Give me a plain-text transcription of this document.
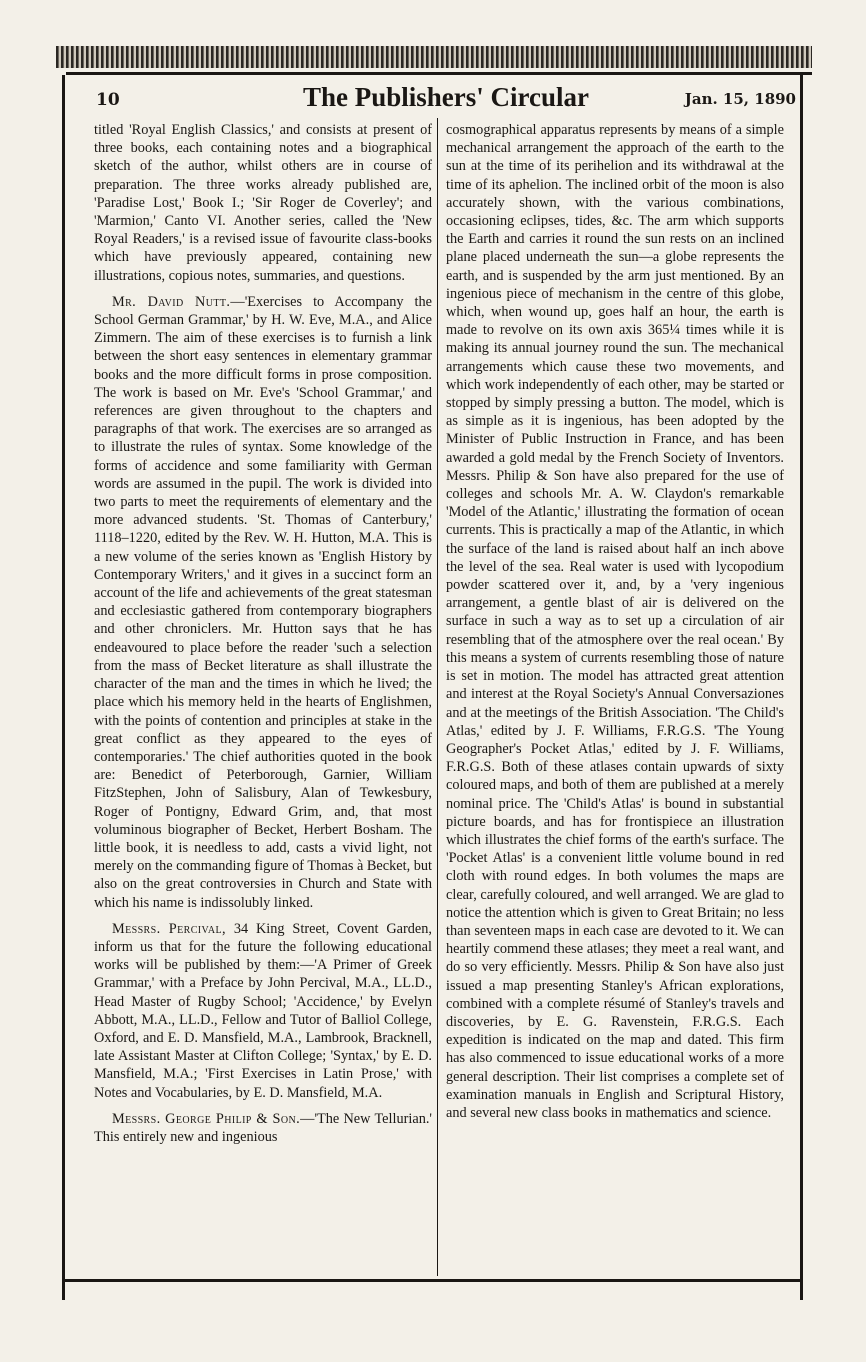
10	The Publishers' Circular	Jan. 15, 1890

titled 'Royal English Classics,' and consists at present of three books, each containing notes and a biographical sketch of the author, whilst others are in course of preparation. The three works already published are, 'Paradise Lost,' Book I.; 'Sir Roger de Coverley'; and 'Marmion,' Canto VI. Another series, called the 'New Royal Readers,' is a revised issue of favourite class-books which have previously appeared, containing new illustrations, copious notes, summaries, and questions.

Mr. David Nutt.—'Exercises to Accompany the School German Grammar,' by H. W. Eve, M.A., and Alice Zimmern. The aim of these exercises is to furnish a link between the short easy sentences in elementary grammar books and the more difficult forms in prose composition. The work is based on Mr. Eve's 'School Grammar,' and references are given throughout to the chapters and paragraphs of that work. The exercises are so arranged as to illustrate the rules of syntax. Some knowledge of the forms of accidence and some familiarity with German words are assumed in the pupil. The work is divided into two parts to meet the requirements of elementary and the more advanced students. 'St. Thomas of Canterbury,' 1118–1220, edited by the Rev. W. H. Hutton, M.A. This is a new volume of the series known as 'English History by Contemporary Writers,' and it gives in a succinct form an account of the life and achievements of the great statesman and ecclesiastic gathered from contemporary biographers and other chroniclers. Mr. Hutton says that he has endeavoured to place before the reader 'such a selection from the mass of Becket literature as shall illustrate the character of the man and the times in which he lived; the place which his memory held in the hearts of Englishmen, with the points of contention and principles at stake in the great conflict as they appeared to the eyes of contemporaries.' The chief authorities quoted in the book are: Benedict of Peterborough, Garnier, William FitzStephen, John of Salisbury, Alan of Tewkesbury, Roger of Pontigny, Edward Grim, and, that most voluminous biographer of Becket, Herbert Bosham. The little book, it is needless to add, casts a vivid light, not merely on the commanding figure of Thomas à Becket, but also on the great controversies in Church and State with which his name is indissolubly linked.

Messrs. Percival, 34 King Street, Covent Garden, inform us that for the future the following educational works will be published by them:—'A Primer of Greek Grammar,' with a Preface by John Percival, M.A., LL.D., Head Master of Rugby School; 'Accidence,' by Evelyn Abbott, M.A., LL.D., Fellow and Tutor of Balliol College, Oxford, and E. D. Mansfield, M.A., Lambrook, Bracknell, late Assistant Master at Clifton College; 'Syntax,' by E. D. Mansfield, M.A.; 'First Exercises in Latin Prose,' with Notes and Vocabularies, by E. D. Mansfield, M.A.

Messrs. George Philip & Son.—'The New Tellurian.' This entirely new and ingenious

cosmographical apparatus represents by means of a simple mechanical arrangement the approach of the earth to the sun at the time of its perihelion and its withdrawal at the time of its aphelion. The inclined orbit of the moon is also accurately shown, with the various combinations, occasioning eclipses, tides, &c. The arm which supports the Earth and carries it round the sun rests on an inclined plane placed underneath the sun—a globe represents the earth, and is suspended by the arm just mentioned. By an ingenious piece of mechanism in the centre of this globe, which, when wound up, goes half an hour, the earth is made to revolve on its own axis 365¼ times while it is making its annual journey round the sun. The mechanical arrangements which cause these two movements, and which work independently of each other, may be started or stopped by simply pressing a button. The model, which is as simple as it is ingenious, has been adopted by the Minister of Public Instruction in France, and has been awarded a gold medal by the French Society of Inventors. Messrs. Philip & Son have also prepared for the use of colleges and schools Mr. A. W. Claydon's remarkable 'Model of the Atlantic,' illustrating the formation of ocean currents. This is practically a map of the Atlantic, in which the surface of the land is raised about half an inch above the level of the sea. Real water is used with lycopodium powder scattered over it, and, by a 'very ingenious arrangement, a gentle blast of air is delivered on the surface in such a way as to set up a circulation of air resembling that of the atmosphere over the real ocean.' By this means a system of currents resembling those of nature is set in motion. The model has attracted great attention and interest at the Royal Society's Annual Conversaziones and at the meetings of the British Association. 'The Child's Atlas,' edited by J. F. Williams, F.R.G.S. 'The Young Geographer's Pocket Atlas,' edited by J. F. Williams, F.R.G.S. Both of these atlases contain upwards of sixty coloured maps, and both of them are published at a merely nominal price. The 'Child's Atlas' is bound in substantial picture boards, and has for frontispiece an illustration which illustrates the chief forms of the earth's surface. The 'Pocket Atlas' is a convenient little volume bound in red cloth with round edges. In both volumes the maps are clear, carefully coloured, and well arranged. We are glad to notice the attention which is given to Great Britain; no less than seventeen maps in each case are devoted to it. We can heartily commend these atlases; they meet a real want, and do so very efficiently. Messrs. Philip & Son have also just issued a map presenting Stanley's African explorations, combined with a complete résumé of Stanley's travels and discoveries, by E. G. Ravenstein, F.R.G.S. Each expedition is indicated on the map and dated. This firm has also commenced to issue educational works of a more general description. Their list comprises a complete set of examination manuals in English and Scriptural History, and several new class books in mathematics and science.
